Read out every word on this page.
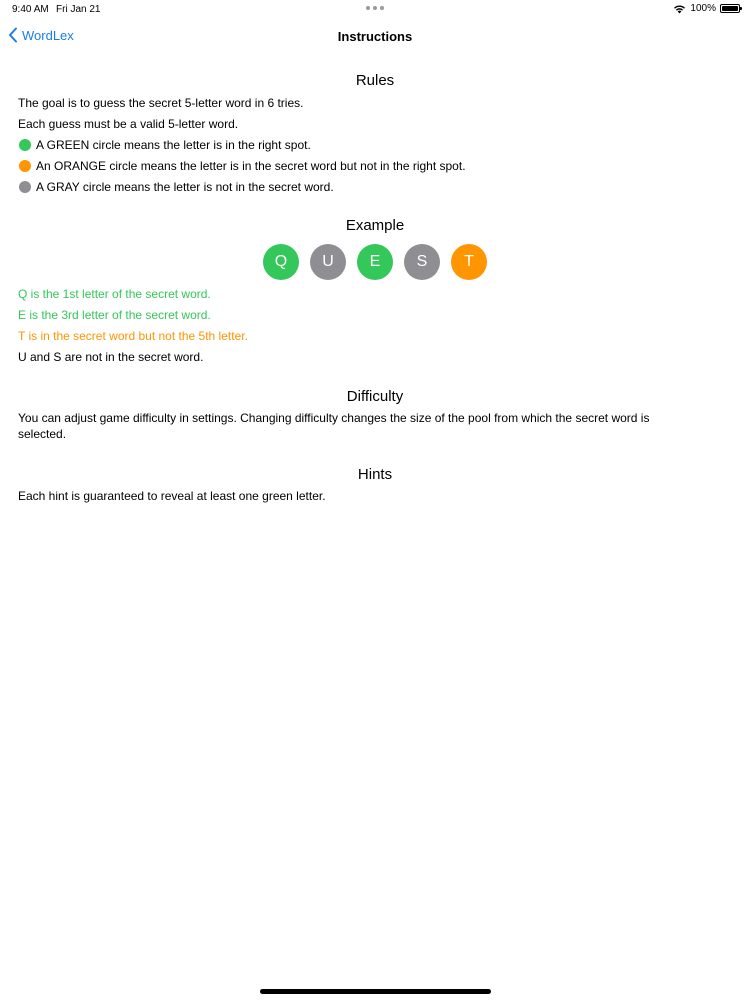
9:40 AM Fri Jan 21	100%
WordLex	Instructions
Rules
The goal is to guess the secret 5-letter word in 6 tries.
Each guess must be a valid 5-letter word.
A GREEN circle means the letter is in the right spot.
An ORANGE circle means the letter is in the secret word but not in the right spot.
A GRAY circle means the letter is not in the secret word.
Example
Q	U	E	S	T
Q is the 1st letter of the secret word.
E is the 3rd letter of the secret word.
T is in the secret word but not the 5th letter.
U and S are not in the secret word.
Difficulty
You can adjust game difficulty in settings. Changing difficulty changes the size of the pool from which the secret word is selected.
Hints
Each hint is guaranteed to reveal at least one green letter.
